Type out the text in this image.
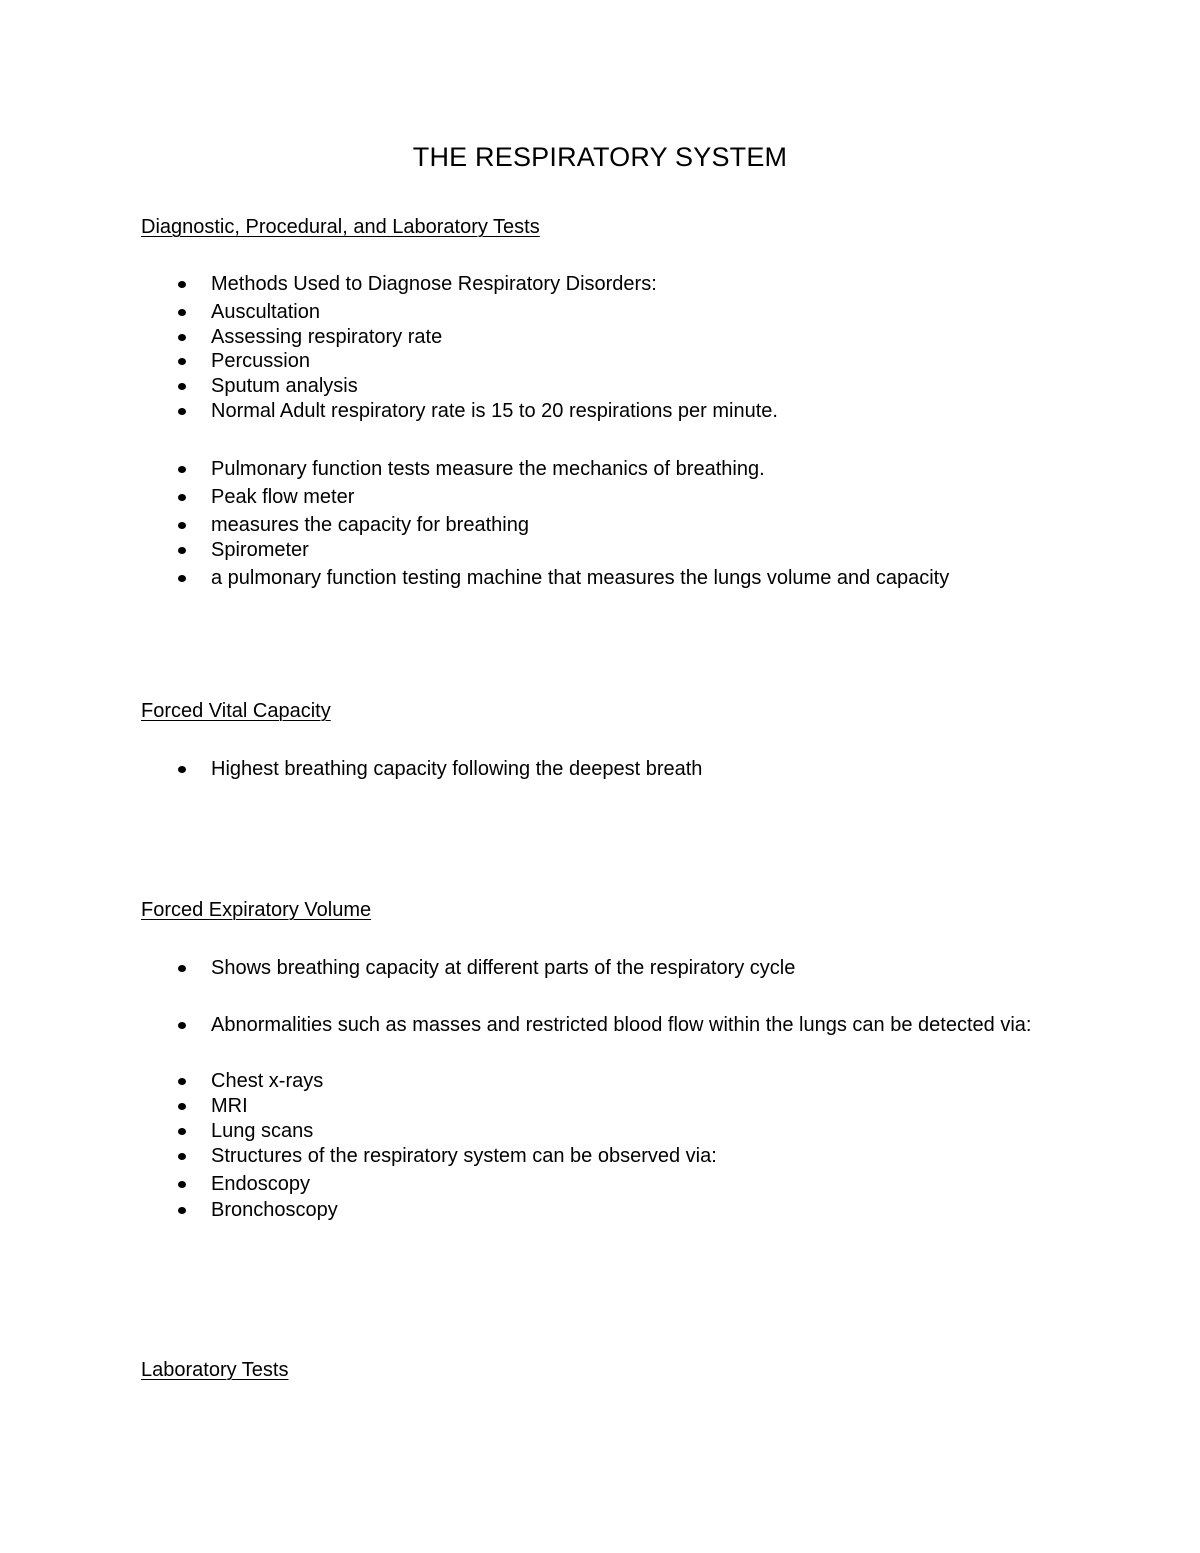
THE RESPIRATORY SYSTEM
Diagnostic, Procedural, and Laboratory Tests
Methods Used to Diagnose Respiratory Disorders:
Auscultation
Assessing respiratory rate
Percussion
Sputum analysis
Normal Adult respiratory rate is 15 to 20 respirations per minute.
Pulmonary function tests measure the mechanics of breathing.
Peak flow meter
measures the capacity for breathing
Spirometer
a pulmonary function testing machine that measures the lungs volume and capacity
Forced Vital Capacity
Highest breathing capacity following the deepest breath
Forced Expiratory Volume
Shows breathing capacity at different parts of the respiratory cycle
Abnormalities such as masses and restricted blood flow within the lungs can be detected via:
Chest x-rays
MRI
Lung scans
Structures of the respiratory system can be observed via:
Endoscopy
Bronchoscopy
Laboratory Tests
